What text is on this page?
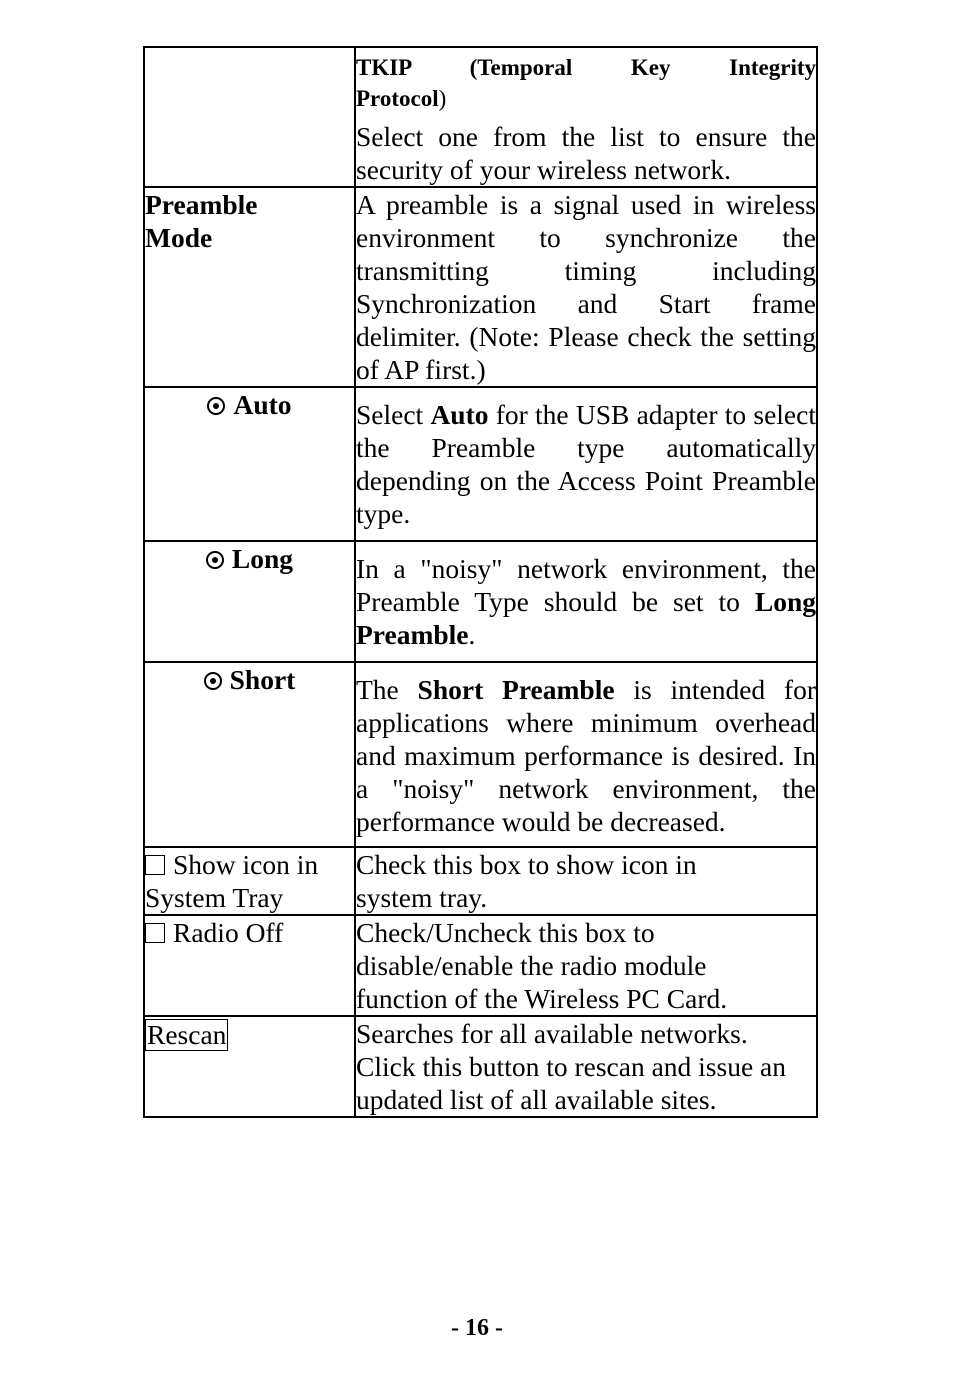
	TKIP (Temporal Key Integrity
Protocol)

Select one from the list to ensure the security of your wireless network.

Preamble Mode	A preamble is a signal used in wireless environment to synchronize the transmitting timing including Synchronization and Start frame delimiter. (Note: Please check the setting of AP first.)

Auto	Select Auto for the USB adapter to select the Preamble type automatically depending on the Access Point Preamble type.

Long	In a "noisy" network environment, the Preamble Type should be set to Long Preamble.

Short	The Short Preamble is intended for applications where minimum overhead and maximum performance is desired. In a "noisy" network environment, the performance would be decreased.

Show icon in System Tray	Check this box to show icon in system tray.

Radio Off	Check/Uncheck this box to disable/enable the radio module function of the Wireless PC Card.

Rescan	Searches for all available networks. Click this button to rescan and issue an updated list of all available sites.

- 16 -
